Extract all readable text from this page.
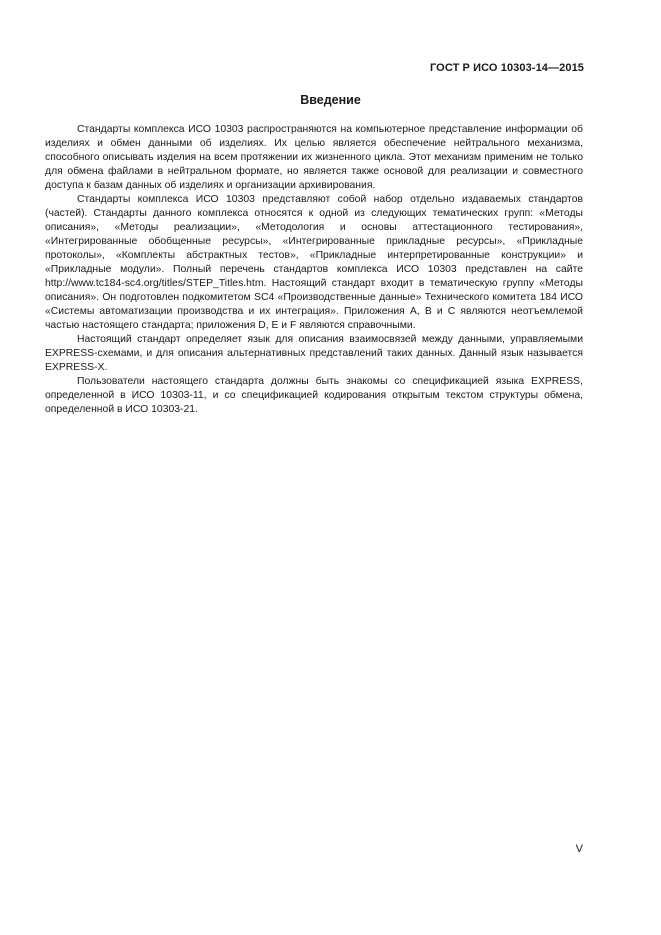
ГОСТ Р ИСО 10303-14—2015
Введение

Стандарты комплекса ИСО 10303 распространяются на компьютерное представление информации об изделиях и обмен данными об изделиях. Их целью является обеспечение нейтрального механизма, способного описывать изделия на всем протяжении их жизненного цикла. Этот механизм применим не только для обмена файлами в нейтральном формате, но является также основой для реализации и совместного доступа к базам данных об изделиях и организации архивирования.

Стандарты комплекса ИСО 10303 представляют собой набор отдельно издаваемых стандартов (частей). Стандарты данного комплекса относятся к одной из следующих тематических групп: «Методы описания», «Методы реализации», «Методология и основы аттестационного тестирования», «Интегрированные обобщенные ресурсы», «Интегрированные прикладные ресурсы», «Прикладные протоколы», «Комплекты абстрактных тестов», «Прикладные интерпретированные конструкции» и «Прикладные модули». Полный перечень стандартов комплекса ИСО 10303 представлен на сайте http://www.tc184-sc4.org/titles/STEP_Titles.htm. Настоящий стандарт входит в тематическую группу «Методы описания». Он подготовлен подкомитетом SC4 «Производственные данные» Технического комитета 184 ИСО «Системы автоматизации производства и их интеграция». Приложения A, B и C являются неотъемлемой частью настоящего стандарта; приложения D, E и F являются справочными.

Настоящий стандарт определяет язык для описания взаимосвязей между данными, управляемыми EXPRESS-схемами, и для описания альтернативных представлений таких данных. Данный язык называется EXPRESS-X.

Пользователи настоящего стандарта должны быть знакомы со спецификацией языка EXPRESS, определенной в ИСО 10303-11, и со спецификацией кодирования открытым текстом структуры обмена, определенной в ИСО 10303-21.

V
